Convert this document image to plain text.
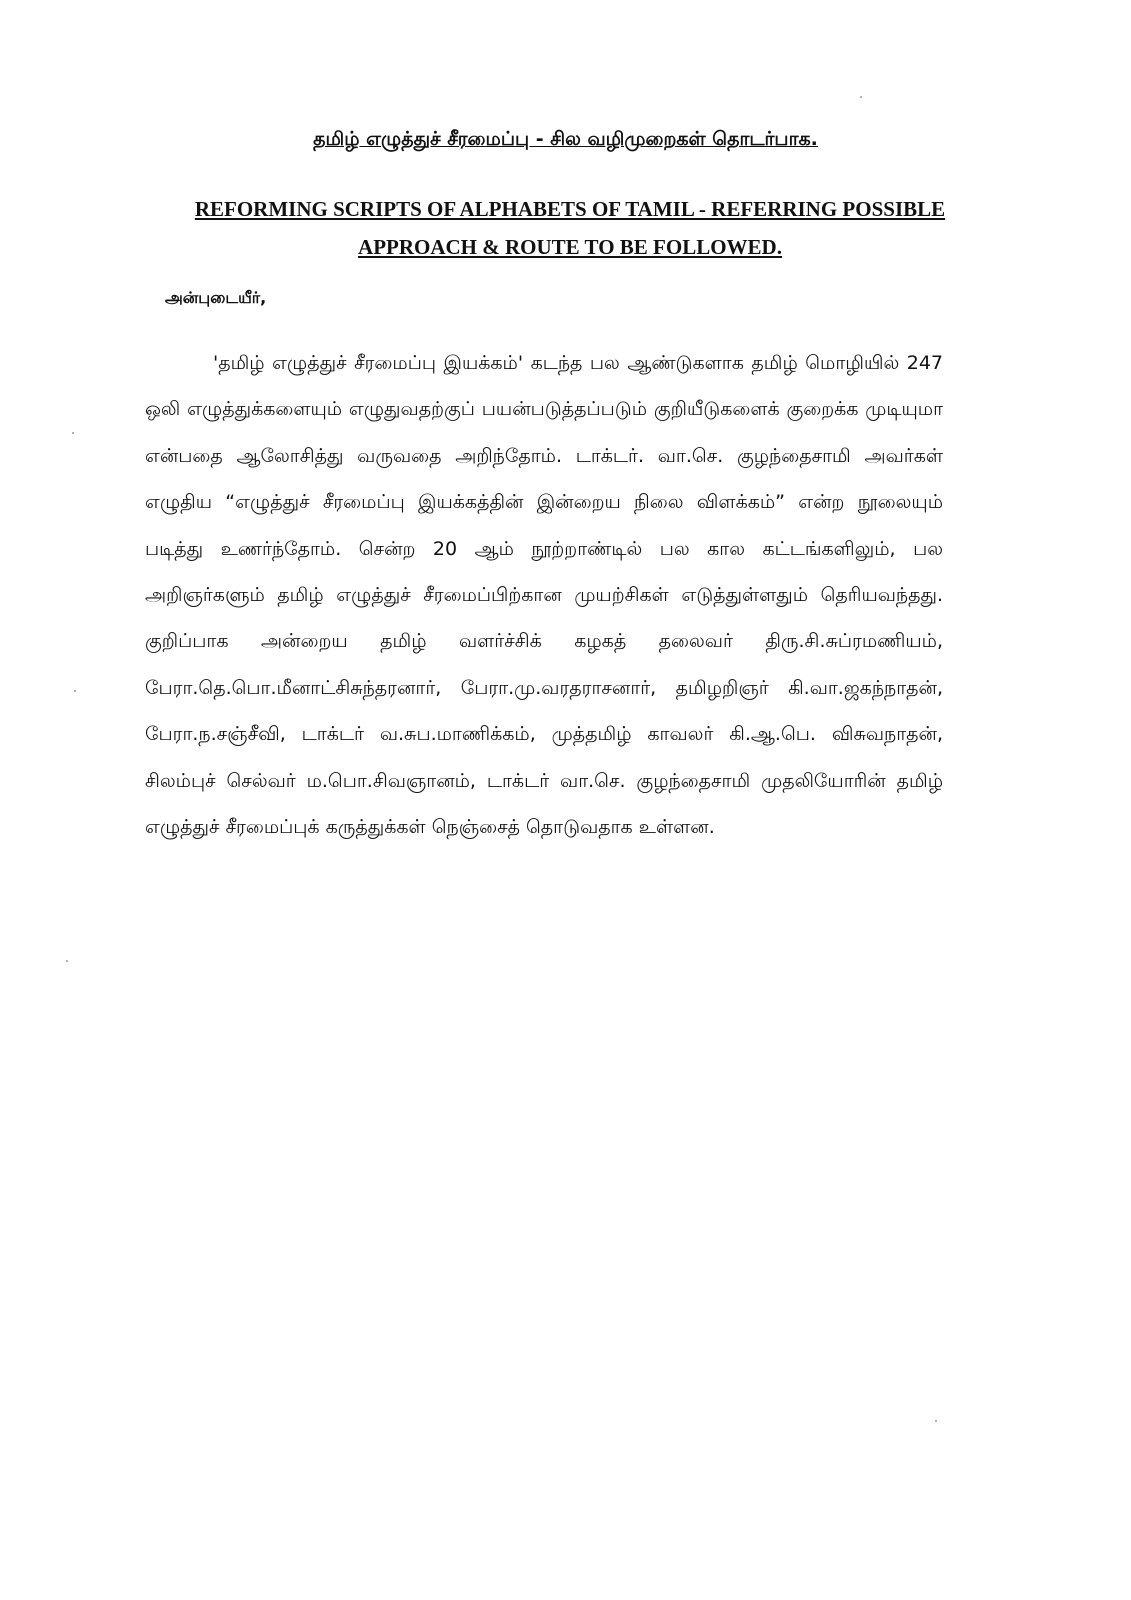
தமிழ் எழுத்துச் சீரமைப்பு - சில வழிமுறைகள் தொடர்பாக.
REFORMING SCRIPTS OF ALPHABETS OF TAMIL - REFERRING POSSIBLE APPROACH & ROUTE TO BE FOLLOWED.
அன்புடையீர்,

'தமிழ் எழுத்துச் சீரமைப்பு இயக்கம்' கடந்த பல ஆண்டுகளாக தமிழ் மொழியில் 247 ஒலி எழுத்துக்களையும் எழுதுவதற்குப் பயன்படுத்தப்படும் குறியீடுகளைக் குறைக்க முடியுமா என்பதை ஆலோசித்து வருவதை அறிந்தோம். டாக்டர். வா.செ. குழந்தைசாமி அவர்கள் எழுதிய “எழுத்துச் சீரமைப்பு இயக்கத்தின் இன்றைய நிலை விளக்கம்” என்ற நூலையும் படித்து உணர்ந்தோம். சென்ற 20 ஆம் நூற்றாண்டில் பல கால கட்டங்களிலும், பல அறிஞர்களும் தமிழ் எழுத்துச் சீரமைப்பிற்கான முயற்சிகள் எடுத்துள்ளதும் தெரியவந்தது. குறிப்பாக அன்றைய தமிழ் வளர்ச்சிக் கழகத் தலைவர் திரு.சி.சுப்ரமணியம், பேரா.தெ.பொ.மீனாட்சிசுந்தரனார், பேரா.மு.வரதராசனார், தமிழறிஞர் கி.வா.ஜகந்நாதன், பேரா.ந.சஞ்சீவி, டாக்டர் வ.சுப.மாணிக்கம், முத்தமிழ் காவலர் கி.ஆ.பெ. விசுவநாதன், சிலம்புச் செல்வர் ம.பொ.சிவஞானம், டாக்டர் வா.செ. குழந்தைசாமி முதலியோரின் தமிழ் எழுத்துச் சீரமைப்புக் கருத்துக்கள் நெஞ்சைத் தொடுவதாக உள்ளன.
